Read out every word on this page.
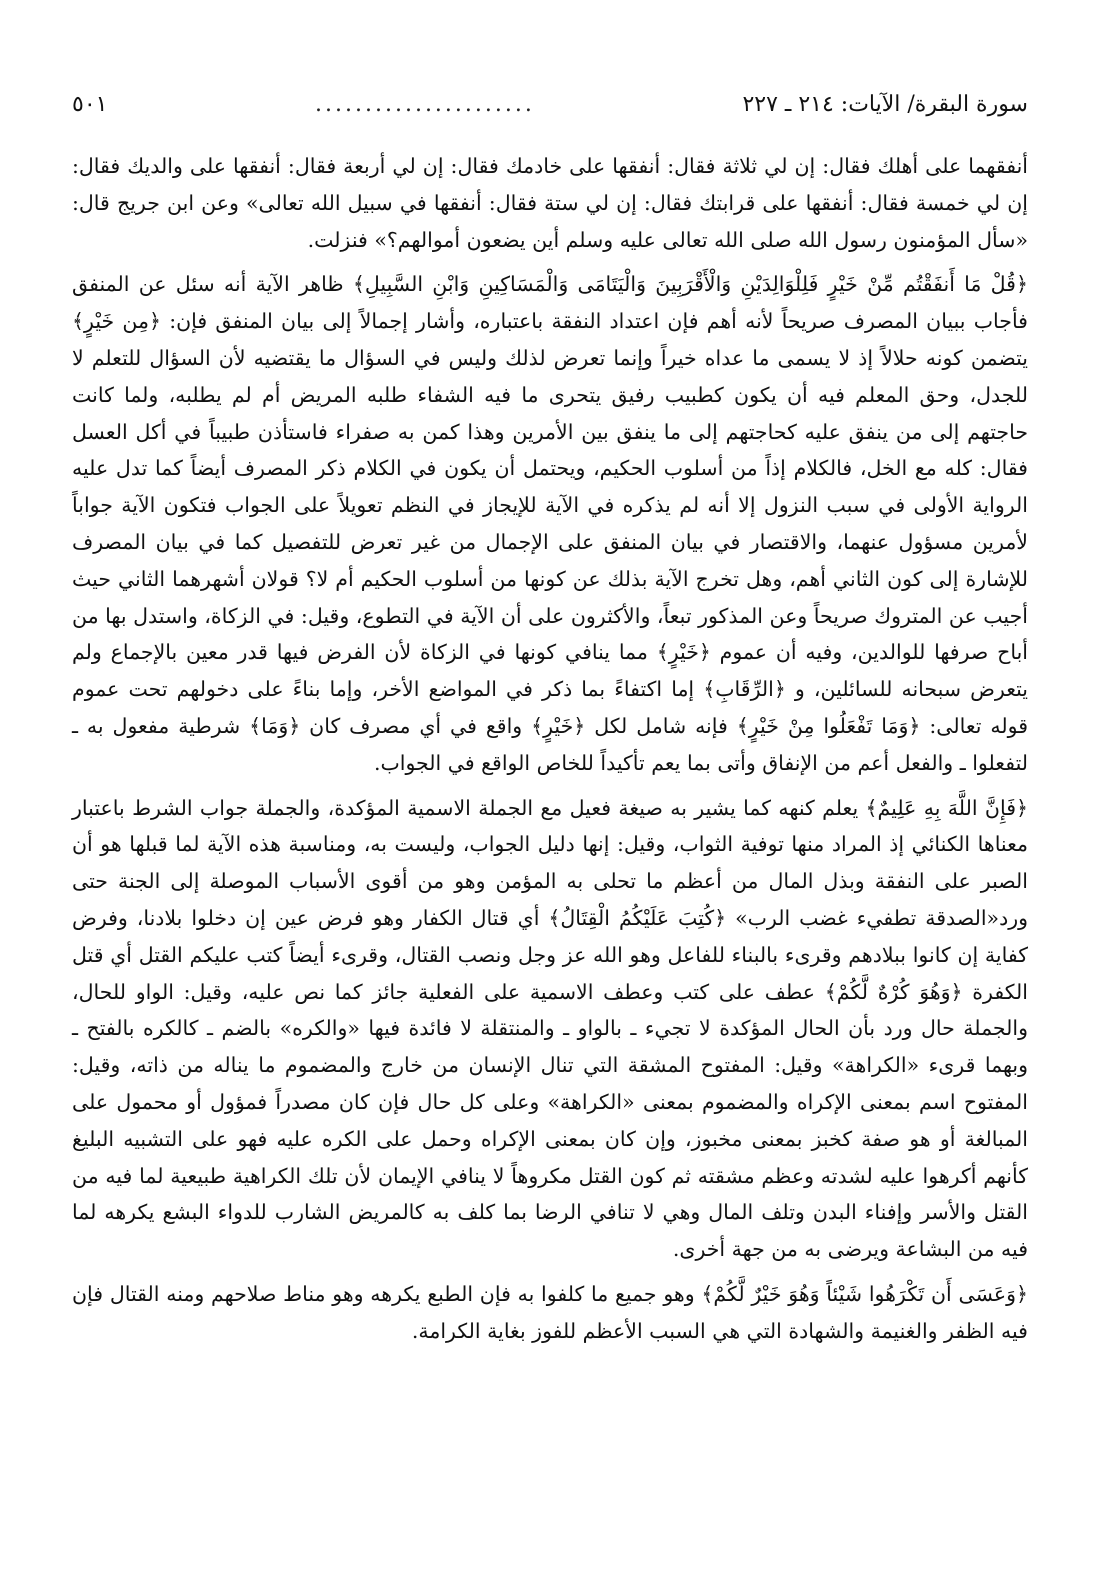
سورة البقرة/ الآيات: ٢١٤ ـ ٢٢٧
......................
٥٠١

أنفقهما على أهلك فقال: إن لي ثلاثة فقال: أنفقها على خادمك فقال: إن لي أربعة فقال: أنفقها على والديك فقال: إن لي خمسة فقال: أنفقها على قرابتك فقال: إن لي ستة فقال: أنفقها في سبيل الله تعالى» وعن ابن جريج قال: «سأل المؤمنون رسول الله صلى الله تعالى عليه وسلم أين يضعون أموالهم؟» فنزلت.

﴿قُلْ مَا أَنفَقْتُم مِّنْ خَيْرٍ فَلِلْوَالِدَيْنِ وَالْأَقْرَبِينَ وَالْيَتَامَى وَالْمَسَاكِينِ وَابْنِ السَّبِيلِ﴾ ظاهر الآية أنه سئل عن المنفق فأجاب ببيان المصرف صريحاً لأنه أهم فإن اعتداد النفقة باعتباره، وأشار إجمالاً إلى بيان المنفق فإن: ﴿مِن خَيْرٍ﴾ يتضمن كونه حلالاً إذ لا يسمى ما عداه خيراً وإنما تعرض لذلك وليس في السؤال ما يقتضيه لأن السؤال للتعلم لا للجدل، وحق المعلم فيه أن يكون كطبيب رفيق يتحرى ما فيه الشفاء طلبه المريض أم لم يطلبه، ولما كانت حاجتهم إلى من ينفق عليه كحاجتهم إلى ما ينفق بين الأمرين وهذا كمن به صفراء فاستأذن طبيباً في أكل العسل فقال: كله مع الخل، فالكلام إذاً من أسلوب الحكيم، ويحتمل أن يكون في الكلام ذكر المصرف أيضاً كما تدل عليه الرواية الأولى في سبب النزول إلا أنه لم يذكره في الآية للإيجاز في النظم تعويلاً على الجواب فتكون الآية جواباً لأمرين مسؤول عنهما، والاقتصار في بيان المنفق على الإجمال من غير تعرض للتفصيل كما في بيان المصرف للإشارة إلى كون الثاني أهم، وهل تخرج الآية بذلك عن كونها من أسلوب الحكيم أم لا؟ قولان أشهرهما الثاني حيث أجيب عن المتروك صريحاً وعن المذكور تبعاً، والأكثرون على أن الآية في التطوع، وقيل: في الزكاة، واستدل بها من أباح صرفها للوالدين، وفيه أن عموم ﴿خَيْرٍ﴾ مما ينافي كونها في الزكاة لأن الفرض فيها قدر معين بالإجماع ولم يتعرض سبحانه للسائلين، و ﴿الرِّقَابِ﴾ إما اكتفاءً بما ذكر في المواضع الأخر، وإما بناءً على دخولهم تحت عموم قوله تعالى: ﴿وَمَا تَفْعَلُوا مِنْ خَيْرٍ﴾ فإنه شامل لكل ﴿خَيْرٍ﴾ واقع في أي مصرف كان ﴿وَمَا﴾ شرطية مفعول به ـ لتفعلوا ـ والفعل أعم من الإنفاق وأتى بما يعم تأكيداً للخاص الواقع في الجواب.

﴿فَإِنَّ اللَّهَ بِهِ عَلِيمٌ﴾ يعلم كنهه كما يشير به صيغة فعيل مع الجملة الاسمية المؤكدة، والجملة جواب الشرط باعتبار معناها الكنائي إذ المراد منها توفية الثواب، وقيل: إنها دليل الجواب، وليست به، ومناسبة هذه الآية لما قبلها هو أن الصبر على النفقة وبذل المال من أعظم ما تحلى به المؤمن وهو من أقوى الأسباب الموصلة إلى الجنة حتى ورد«الصدقة تطفيء غضب الرب» ﴿كُتِبَ عَلَيْكُمُ الْقِتَالُ﴾ أي قتال الكفار وهو فرض عين إن دخلوا بلادنا، وفرض كفاية إن كانوا ببلادهم وقرىء بالبناء للفاعل وهو الله عز وجل ونصب القتال، وقرىء أيضاً كتب عليكم القتل أي قتل الكفرة ﴿وَهُوَ كُرْهٌ لَّكُمْ﴾ عطف على كتب وعطف الاسمية على الفعلية جائز كما نص عليه، وقيل: الواو للحال، والجملة حال ورد بأن الحال المؤكدة لا تجيء ـ بالواو ـ والمنتقلة لا فائدة فيها «والكره» بالضم ـ كالكره بالفتح ـ وبهما قرىء «الكراهة» وقيل: المفتوح المشقة التي تنال الإنسان من خارج والمضموم ما يناله من ذاته، وقيل: المفتوح اسم بمعنى الإكراه والمضموم بمعنى «الكراهة» وعلى كل حال فإن كان مصدراً فمؤول أو محمول على المبالغة أو هو صفة كخبز بمعنى مخبوز، وإن كان بمعنى الإكراه وحمل على الكره عليه فهو على التشبيه البليغ كأنهم أكرهوا عليه لشدته وعظم مشقته ثم كون القتل مكروهاً لا ينافي الإيمان لأن تلك الكراهية طبيعية لما فيه من القتل والأسر وإفناء البدن وتلف المال وهي لا تنافي الرضا بما كلف به كالمريض الشارب للدواء البشع يكرهه لما فيه من البشاعة ويرضى به من جهة أخرى.

﴿وَعَسَى أَن تَكْرَهُوا شَيْئاً وَهُوَ خَيْرٌ لَّكُمْ﴾ وهو جميع ما كلفوا به فإن الطبع يكرهه وهو مناط صلاحهم ومنه القتال فإن فيه الظفر والغنيمة والشهادة التي هي السبب الأعظم للفوز بغاية الكرامة.
